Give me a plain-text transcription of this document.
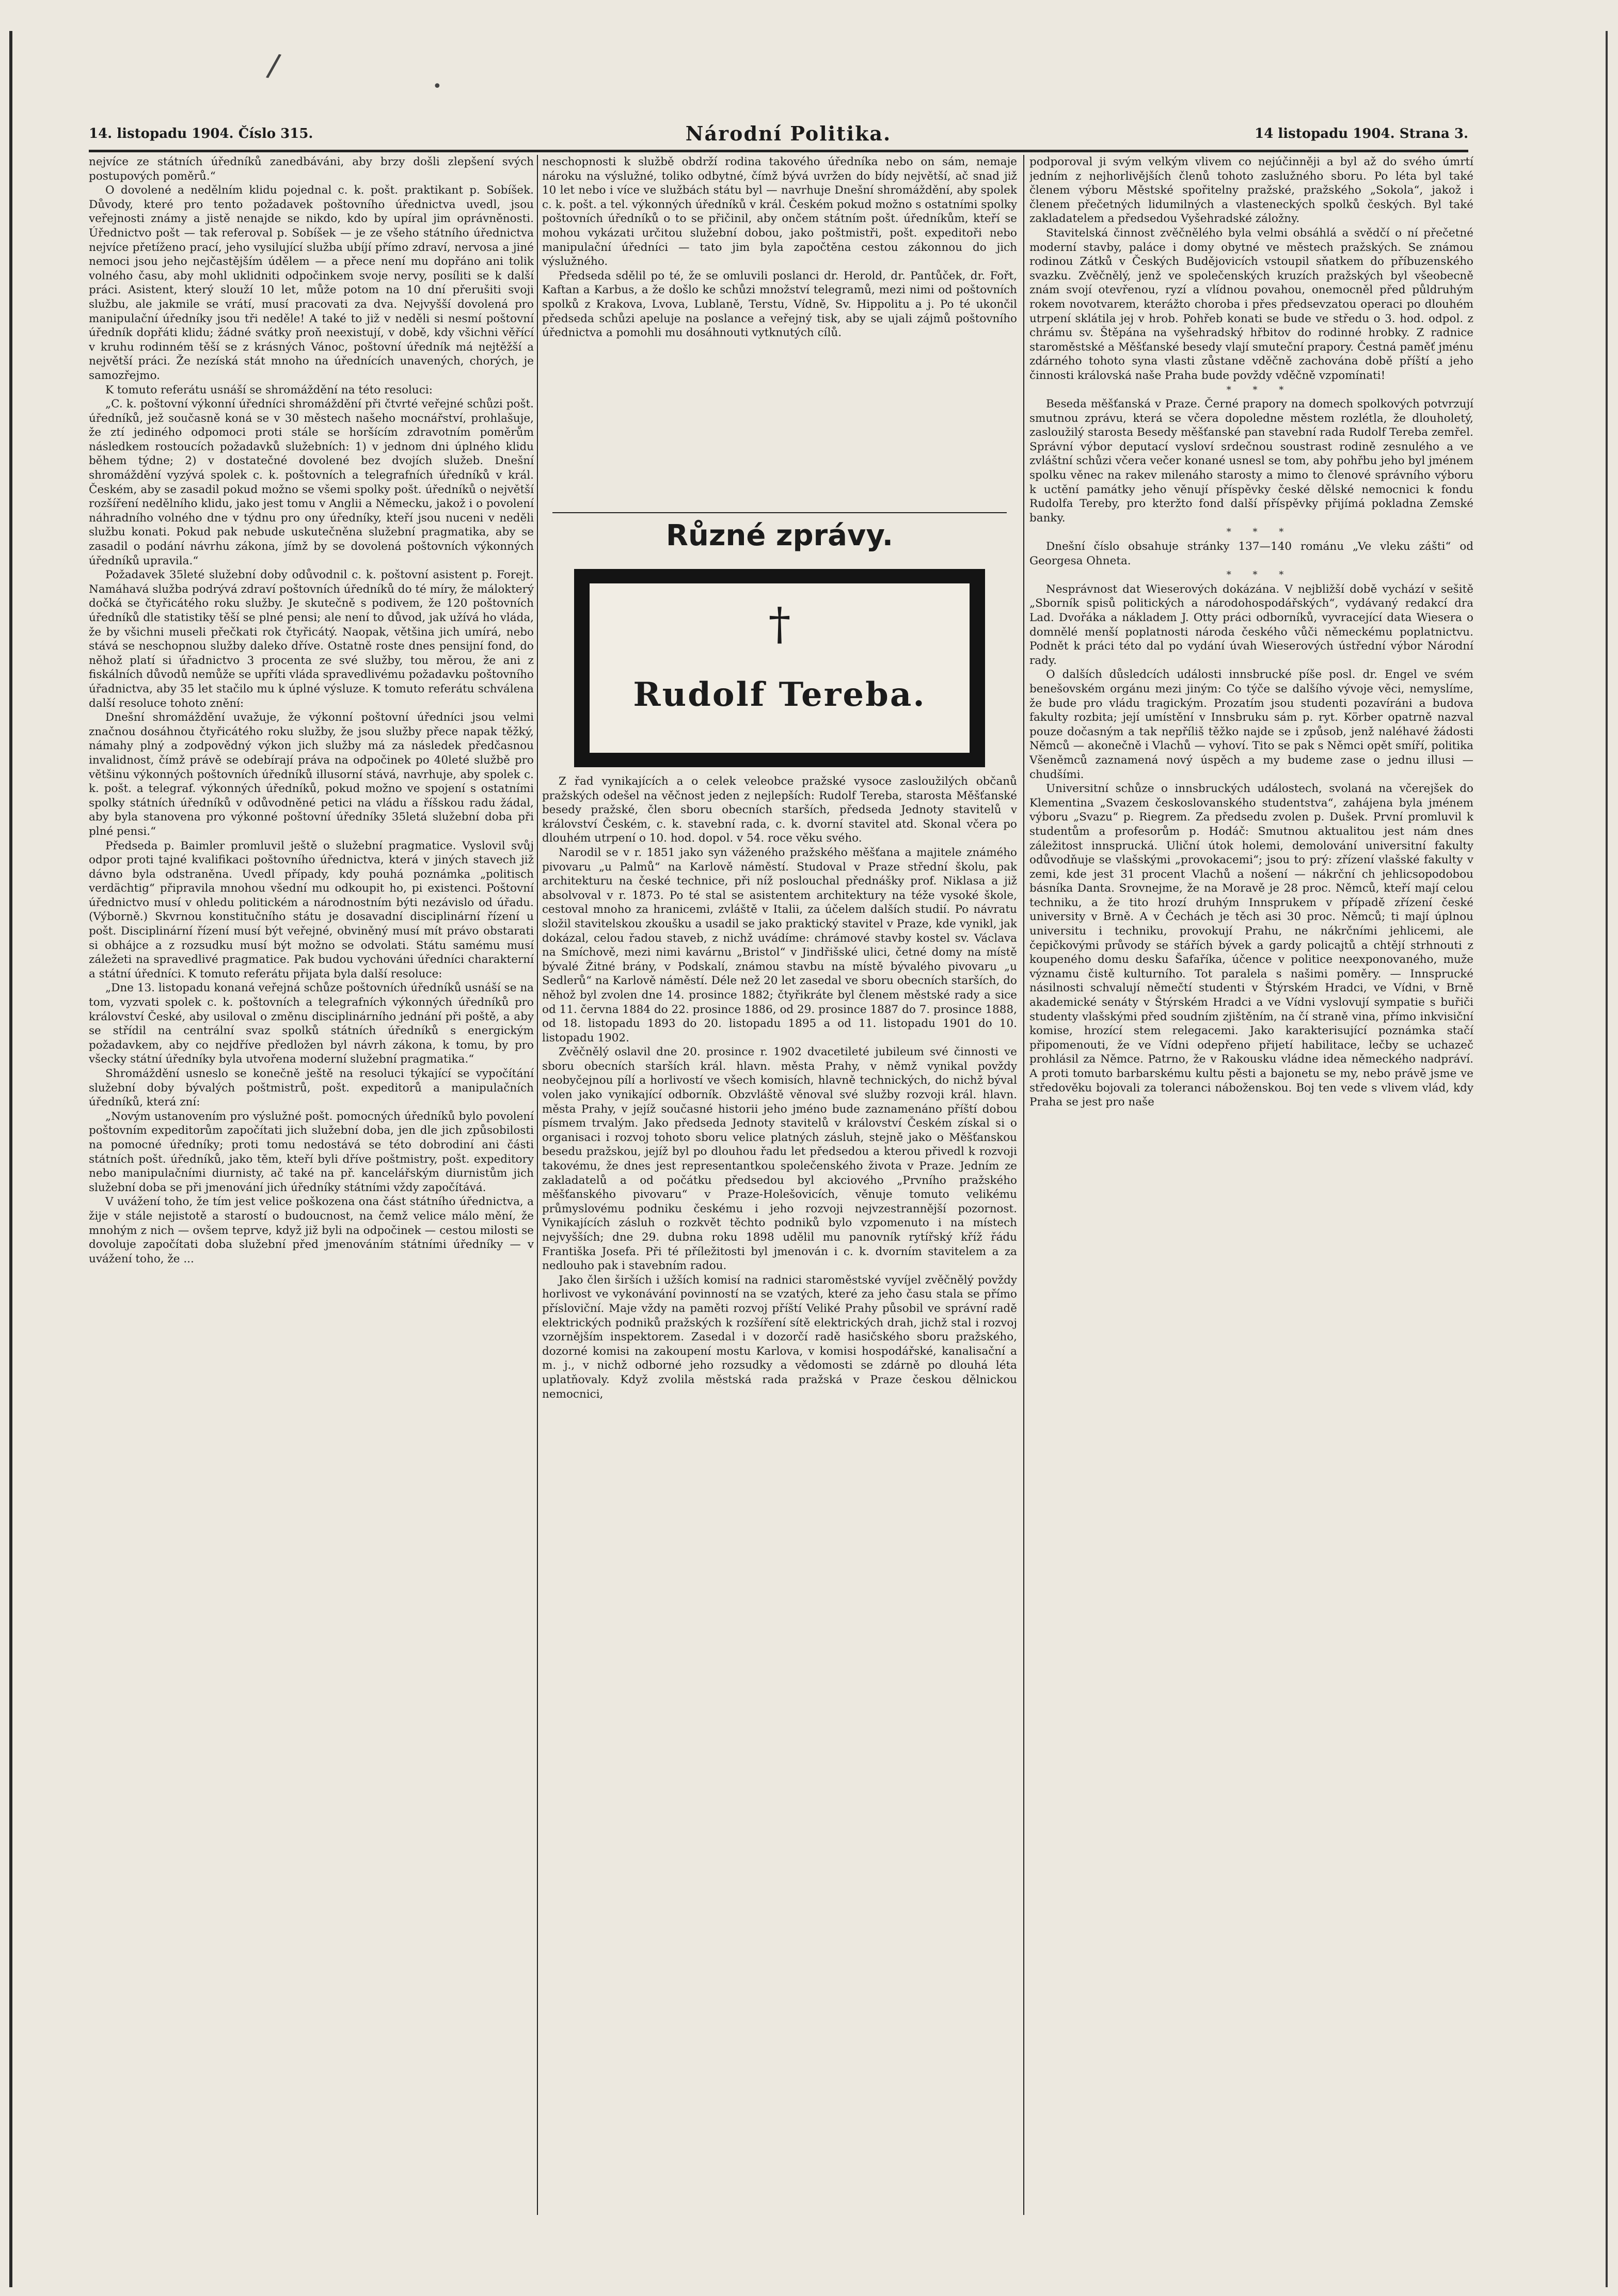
/
•
14. listopadu 1904. Číslo 315.	Národní Politika.	14 listopadu 1904. Strana 3.

nejvíce ze státních úředníků zanedbáváni, aby brzy došli zlepšení svých postupových poměrů.“

O dovolené a nedělním klidu pojednal c. k. pošt. praktikant p. Sobíšek. Důvody, které pro tento požadavek poštovního úřednictva uvedl, jsou veřejnosti známy a jistě nenajde se nikdo, kdo by upíral jim oprávněnosti. Úřednictvo pošt — tak referoval p. Sobíšek — je ze všeho státního úřednictva nejvíce přetíženo prací, jeho vysilující služba ubíjí přímo zdraví, nervosa a jiné nemoci jsou jeho nejčastějším údělem — a přece není mu dopřáno ani tolik volného času, aby mohl uklidniti odpočinkem svoje nervy, posíliti se k další práci. Asistent, který slouží 10 let, může potom na 10 dní přerušiti svoji službu, ale jakmile se vrátí, musí pracovati za dva. Nejvyšší dovolená pro manipulační úředníky jsou tři neděle! A také to již v neděli si nesmí poštovní úředník dopřáti klidu; žádné svátky proň neexistují, v době, kdy všichni věřící v kruhu rodinném těší se z krásných Vánoc, poštovní úředník má nejtěžší a největší práci. Že nezíská stát mnoho na úřednících unavených, chorých, je samozřejmo.

K tomuto referátu usnáší se shromáždění na této resoluci:

„C. k. poštovní výkonní úředníci shromáždění při čtvrté veřejné schůzi pošt. úředníků, jež současně koná se v 30 městech našeho mocnářství, prohlašuje, že ztí jediného odpomoci proti stále se horšícím zdravotním poměrům následkem rostoucích požadavků služebních: 1) v jednom dni úplného klidu během týdne; 2) v dostatečné dovolené bez dvojích služeb. Dnešní shromáždění vyzývá spolek c. k. poštovních a telegrafních úředníků v král. Českém, aby se zasadil pokud možno se všemi spolky pošt. úředníků o největší rozšíření nedělního klidu, jako jest tomu v Anglii a Německu, jakož i o povolení náhradního volného dne v týdnu pro ony úředníky, kteří jsou nuceni v neděli službu konati. Pokud pak nebude uskutečněna služební pragmatika, aby se zasadil o podání návrhu zákona, jímž by se dovolená poštovních výkonných úředníků upravila.“

Požadavek 35leté služební doby odůvodnil c. k. poštovní asistent p. Forejt. Namáhavá služba podrývá zdraví poštovních úředníků do té míry, že málokterý dočká se čtyřicátého roku služby. Je skutečně s podivem, že 120 poštovních úředníků dle statistiky těší se plné pensi; ale není to důvod, jak užívá ho vláda, že by všichni museli přečkati rok čtyřicátý. Naopak, většina jich umírá, nebo stává se neschopnou služby daleko dříve. Ostatně roste dnes pensijní fond, do něhož platí si úřadnictvo 3 procenta ze své služby, tou měrou, že ani z fiskálních důvodů nemůže se upříti vláda spravedlivému požadavku poštovního úřadnictva, aby 35 let stačilo mu k úplné výsluze. K tomuto referátu schválena další resoluce tohoto znění:

Dnešní shromáždění uvažuje, že výkonní poštovní úředníci jsou velmi značnou dosáhnou čtyřicátého roku služby, že jsou služby přece napak těžký, námahy plný a zodpovědný výkon jich služby má za následek předčasnou invalidnost, čímž právě se odebírají práva na odpočinek po 40leté službě pro většinu výkonných poštovních úředníků illusorní stává, navrhuje, aby spolek c. k. pošt. a telegraf. výkonných úředníků, pokud možno ve spojení s ostatními spolky státních úředníků v odůvodněné petici na vládu a říšskou radu žádal, aby byla stanovena pro výkonné poštovní úředníky 35letá služební doba při plné pensi.“

Předseda p. Baimler promluvil ještě o služební pragmatice. Vyslovil svůj odpor proti tajné kvalifikaci poštovního úřednictva, která v jiných stavech již dávno byla odstraněna. Uvedl případy, kdy pouhá poznámka „politisch verdächtig“ připravila mnohou všední mu odkoupit ho, pi existenci. Poštovní úřednictvo musí v ohledu politickém a národnostním býti nezávislo od úřadu. (Výborně.) Skvrnou konstitučního státu je dosavadní disciplinární řízení u pošt. Disciplinární řízení musí být veřejné, obviněný musí mít právo obstarati si obhájce a z rozsudku musí být možno se odvolati. Státu samému musí záležeti na spravedlivé pragmatice. Pak budou vychováni úředníci charakterní a státní úředníci. K tomuto referátu přijata byla další resoluce:

„Dne 13. listopadu konaná veřejná schůze poštovních úředníků usnáší se na tom, vyzvati spolek c. k. poštovních a telegrafních výkonných úředníků pro království České, aby usiloval o změnu disciplinárního jednání při poště, a aby se střídil na centrální svaz spolků státních úředníků s energickým požadavkem, aby co nejdříve předložen byl návrh zákona, k tomu, by pro všecky státní úředníky byla utvořena moderní služební pragmatika.“

Shromáždění usneslo se konečně ještě na resoluci týkající se vypočítání služební doby bývalých poštmistrů, pošt. expeditorů a manipulačních úředníků, která zní:

„Novým ustanovením pro výslužné pošt. pomocných úředníků bylo povolení poštovním expeditorům započítati jich služební doba, jen dle jich způsobilosti na pomocné úředníky; proti tomu nedostává se této dobrodiní ani části státních pošt. úředníků, jako těm, kteří byli dříve poštmistry, pošt. expeditory nebo manipulačními diurnisty, ač také na př. kancelářským diurnistům jich služební doba se při jmenování jich úředníky státními vždy započítává.

V uvážení toho, že tím jest velice poškozena ona část státního úřednictva, a žije v stále nejistotě a starostí o budoucnost, na čemž velice málo mění, že mnohým z nich — ovšem teprve, když již byli na odpočinek — cestou milosti se dovoluje započítati doba služební před jmenováním státními úředníky — v uvážení toho, že ...

neschopnosti k službě obdrží rodina takového úředníka nebo on sám, nemaje nároku na výslužné, toliko odbytné, čímž bývá uvržen do bídy největší, ač snad již 10 let nebo i více ve službách státu byl — navrhuje Dnešní shromáždění, aby spolek c. k. pošt. a tel. výkonných úředníků v král. Českém pokud možno s ostatními spolky poštovních úředníků o to se přičinil, aby ončem státním pošt. úředníkům, kteří se mohou vykázati určitou služební dobou, jako poštmistři, pošt. expeditoři nebo manipulační úředníci — tato jim byla započtěna cestou zákonnou do jich výslužného.

Předseda sdělil po té, že se omluvili poslanci dr. Herold, dr. Pantůček, dr. Fořt, Kaftan a Karbus, a že došlo ke schůzi množství telegramů, mezi nimi od poštovních spolků z Krakova, Lvova, Lublaně, Terstu, Vídně, Sv. Hippolitu a j. Po té ukončil předseda schůzi apeluje na poslance a veřejný tisk, aby se ujali zájmů poštovního úřednictva a pomohli mu dosáhnouti vytknutých cílů.

Různé zprávy.
†
Rudolf Tereba.

Z řad vynikajících a o celek veleobce pražské vysoce zasloužilých občanů pražských odešel na věčnost jeden z nejlepších: Rudolf Tereba, starosta Měšťanské besedy pražské, člen sboru obecních starších, předseda Jednoty stavitelů v království Českém, c. k. stavební rada, c. k. dvorní stavitel atd. Skonal včera po dlouhém utrpení o 10. hod. dopol. v 54. roce věku svého.

Narodil se v r. 1851 jako syn váženého pražského měšťana a majitele známého pivovaru „u Palmů“ na Karlově náměstí. Studoval v Praze střední školu, pak architekturu na české technice, při níž poslouchal přednášky prof. Niklasa a již absolvoval v r. 1873. Po té stal se asistentem architektury na téže vysoké škole, cestoval mnoho za hranicemi, zvláště v Italii, za účelem dalších studií. Po návratu složil stavitelskou zkoušku a usadil se jako praktický stavitel v Praze, kde vynikl, jak dokázal, celou řadou staveb, z nichž uvádíme: chrámové stavby kostel sv. Václava na Smíchově, mezi nimi kavárnu „Bristol“ v Jindřišské ulici, četné domy na místě bývalé Žitné brány, v Podskalí, známou stavbu na místě bývalého pivovaru „u Sedlerů“ na Karlově náměstí. Déle než 20 let zasedal ve sboru obecních starších, do něhož byl zvolen dne 14. prosince 1882; čtyřikráte byl členem městské rady a sice od 11. června 1884 do 22. prosince 1886, od 29. prosince 1887 do 7. prosince 1888, od 18. listopadu 1893 do 20. listopadu 1895 a od 11. listopadu 1901 do 10. listopadu 1902.

Zvěčnělý oslavil dne 20. prosince r. 1902 dvacetileté jubileum své činnosti ve sboru obecních starších král. hlavn. města Prahy, v němž vynikal povždy neobyčejnou pílí a horlivostí ve všech komisích, hlavně technických, do nichž býval volen jako vynikající odborník. Obzvláště věnoval své služby rozvoji král. hlavn. města Prahy, v jejíž současné historii jeho jméno bude zaznamenáno příští dobou písmem trvalým. Jako předseda Jednoty stavitelů v království Českém získal si o organisaci i rozvoj tohoto sboru velice platných zásluh, stejně jako o Měšťanskou besedu pražskou, jejíž byl po dlouhou řadu let předsedou a kterou přivedl k rozvoji takovému, že dnes jest representantkou společenského života v Praze. Jedním ze zakladatelů a od počátku předsedou byl akciového „Prvního pražského měšťanského pivovaru“ v Praze-Holešovicích, věnuje tomuto velikému průmyslovému podniku českému i jeho rozvoji nejvzestrannější pozornost. Vynikajících zásluh o rozkvět těchto podniků bylo vzpomenuto i na místech nejvyšších; dne 29. dubna roku 1898 udělil mu panovník rytířský kříž řádu Františka Josefa. Při té příležitosti byl jmenován i c. k. dvorním stavitelem a za nedlouho pak i stavebním radou.

Jako člen širších i užších komisí na radnici staroměstské vyvíjel zvěčnělý povždy horlivost ve vykonávání povinností na se vzatých, které za jeho času stala se přímo přísloviční. Maje vždy na paměti rozvoj příští Veliké Prahy působil ve správní radě elektrických podniků pražských k rozšíření sítě elektrických drah, jichž stal i rozvoj vzornějším inspektorem. Zasedal i v dozorčí radě hasičského sboru pražského, dozorné komisi na zakoupení mostu Karlova, v komisi hospodářské, kanalisační a m. j., v nichž odborné jeho rozsudky a vědomosti se zdárně po dlouhá léta uplatňovaly. Když zvolila městská rada pražská v Praze českou dělnickou nemocnici,

podporoval ji svým velkým vlivem co nejúčinněji a byl až do svého úmrtí jedním z nejhorlivějších členů tohoto zaslužného sboru. Po léta byl také členem výboru Městské spořitelny pražské, pražského „Sokola“, jakož i členem přečetných lidumilných a vlasteneckých spolků českých. Byl také zakladatelem a předsedou Vyšehradské záložny.

Stavitelská činnost zvěčnělého byla velmi obsáhlá a svědčí o ní přečetné moderní stavby, paláce i domy obytné ve městech pražských. Se známou rodinou Zátků v Českých Budějovicích vstoupil sňatkem do příbuzenského svazku. Zvěčnělý, jenž ve společenských kruzích pražských byl všeobecně znám svojí otevřenou, ryzí a vlídnou povahou, onemocněl před půldruhým rokem novotvarem, kterážto choroba i přes předsevzatou operaci po dlouhém utrpení sklátila jej v hrob. Pohřeb konati se bude ve středu o 3. hod. odpol. z chrámu sv. Štěpána na vyšehradský hřbitov do rodinné hrobky. Z radnice staroměstské a Měšťanské besedy vlají smuteční prapory. Čestná paměť jménu zdárného tohoto syna vlasti zůstane vděčně zachována době příští a jeho činnosti královská naše Praha bude povždy vděčně vzpomínati!

* * *

Beseda měšťanská v Praze. Černé prapory na domech spolkových potvrzují smutnou zprávu, která se včera dopoledne městem rozlétla, že dlouholetý, zasloužilý starosta Besedy měšťanské pan stavební rada Rudolf Tereba zemřel. Správní výbor deputací vysloví srdečnou soustrast rodině zesnulého a ve zvláštní schůzi včera večer konané usnesl se tom, aby pohřbu jeho byl jménem spolku věnec na rakev milenáho starosty a mimo to členové správního výboru k uctění památky jeho věnují příspěvky české dělské nemocnici k fondu Rudolfa Tereby, pro kteržto fond další příspěvky přijímá pokladna Zemské banky.

* * *

Dnešní číslo obsahuje stránky 137—140 románu „Ve vleku zášti“ od Georgesa Ohneta.

* * *

Nesprávnost dat Wieserových dokázána. V nejbližší době vychází v sešitě „Sborník spisů politických a národohospodářských“, vydávaný redakcí dra Lad. Dvořáka a nákladem J. Otty práci odborníků, vyvracející data Wiesera o domnělé menší poplatnosti národa českého vůči německému poplatnictvu. Podnět k práci této dal po vydání úvah Wieserových ústřední výbor Národní rady.

O dalších důsledcích události innsbrucké píše posl. dr. Engel ve svém benešovském orgánu mezi jiným: Co týče se dalšího vývoje věci, nemyslíme, že bude pro vládu tragickým. Prozatím jsou studenti pozavíráni a budova fakulty rozbita; její umístění v Innsbruku sám p. ryt. Körber opatrně nazval pouze dočasným a tak nepříliš těžko najde se i způsob, jenž naléhavé žádosti Němců — akonečně i Vlachů — vyhoví. Tito se pak s Němci opět smíří, politika Všeněmců zaznamená nový úspěch a my budeme zase o jednu illusi — chudšími.

Universitní schůze o innsbruckých událostech, svolaná na včerejšek do Klementina „Svazem českoslovanského studentstva“, zahájena byla jménem výboru „Svazu“ p. Riegrem. Za předsedu zvolen p. Dušek. První promluvil k studentům a profesorům p. Hodáč: Smutnou aktualitou jest nám dnes záležitost innsprucká. Uliční útok holemi, demolování universitní fakulty odůvodňuje se vlašskými „provokacemi“; jsou to prý: zřízení vlašské fakulty v zemi, kde jest 31 procent Vlachů a nošení — nákrční ch jehlicsopodobou básníka Danta. Srovnejme, že na Moravě je 28 proc. Němců, kteří mají celou techniku, a že tito hrozí druhým Innsprukem v případě zřízení české university v Brně. A v Čechách je těch asi 30 proc. Němců; ti mají úplnou universitu i techniku, provokují Prahu, ne nákrčními jehlicemi, ale čepičkovými průvody se stářích bývek a gardy policajtů a chtějí strhnouti z koupeného domu desku Šafaříka, účence v politice neexponovaného, muže významu čistě kulturního. Tot paralela s našimi poměry. — Innsprucké násilnosti schvalují němečtí studenti v Štýrském Hradci, ve Vídni, v Brně akademické senáty v Štýrském Hradci a ve Vídni vyslovují sympatie s buřiči studenty vlašskými před soudním zjištěním, na čí straně vina, přímo inkvisiční komise, hrozící stem relegacemi. Jako karakterisující poznámka stačí připomenouti, že ve Vídni odepřeno přijetí habilitace, lečby se uchazeč prohlásil za Němce. Patrno, že v Rakousku vládne idea německého nadpráví. A proti tomuto barbarskému kultu pěsti a bajonetu se my, nebo právě jsme ve středověku bojovali za toleranci náboženskou. Boj ten vede s vlivem vlád, kdy Praha se jest pro naše
